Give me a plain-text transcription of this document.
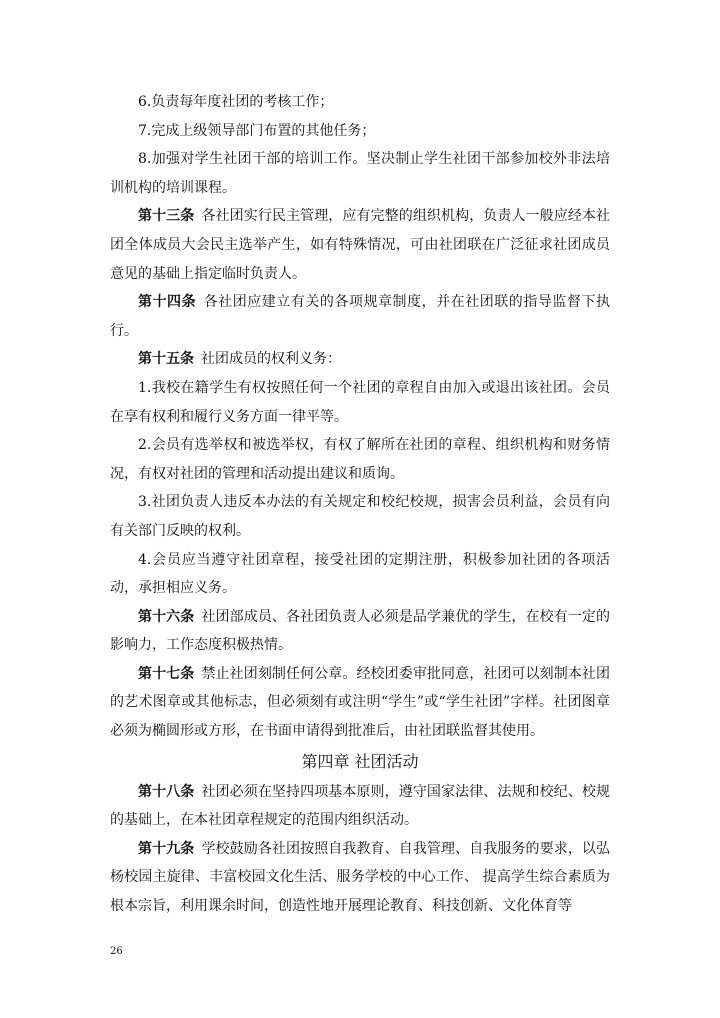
6.负责每年度社团的考核工作；

7.完成上级领导部门布置的其他任务；

8.加强对学生社团干部的培训工作。坚决制止学生社团干部参加校外非法培训机构的培训课程。

第十三条  各社团实行民主管理，应有完整的组织机构，负责人一般应经本社团全体成员大会民主选举产生，如有特殊情况，可由社团联在广泛征求社团成员意见的基础上指定临时负责人。

第十四条  各社团应建立有关的各项规章制度，并在社团联的指导监督下执行。

第十五条  社团成员的权利义务：

1.我校在籍学生有权按照任何一个社团的章程自由加入或退出该社团。会员在享有权利和履行义务方面一律平等。

2.会员有选举权和被选举权，有权了解所在社团的章程、组织机构和财务情况，有权对社团的管理和活动提出建议和质询。

3.社团负责人违反本办法的有关规定和校纪校规，损害会员利益，会员有向有关部门反映的权利。

4.会员应当遵守社团章程，接受社团的定期注册，积极参加社团的各项活动，承担相应义务。

第十六条  社团部成员、各社团负责人必须是品学兼优的学生，在校有一定的影响力，工作态度积极热情。

第十七条  禁止社团刻制任何公章。经校团委审批同意，社团可以刻制本社团的艺术图章或其他标志，但必须刻有或注明“学生”或“学生社团”字样。社团图章必须为椭圆形或方形，在书面申请得到批准后，由社团联监督其使用。

第四章 社团活动

第十八条  社团必须在坚持四项基本原则，遵守国家法律、法规和校纪、校规的基础上，在本社团章程规定的范围内组织活动。

第十九条  学校鼓励各社团按照自我教育、自我管理、自我服务的要求，以弘杨校园主旋律、丰富校园文化生活、服务学校的中心工作、 提高学生综合素质为根本宗旨，利用课余时间，创造性地开展理论教育、科技创新、文化体育等

26
